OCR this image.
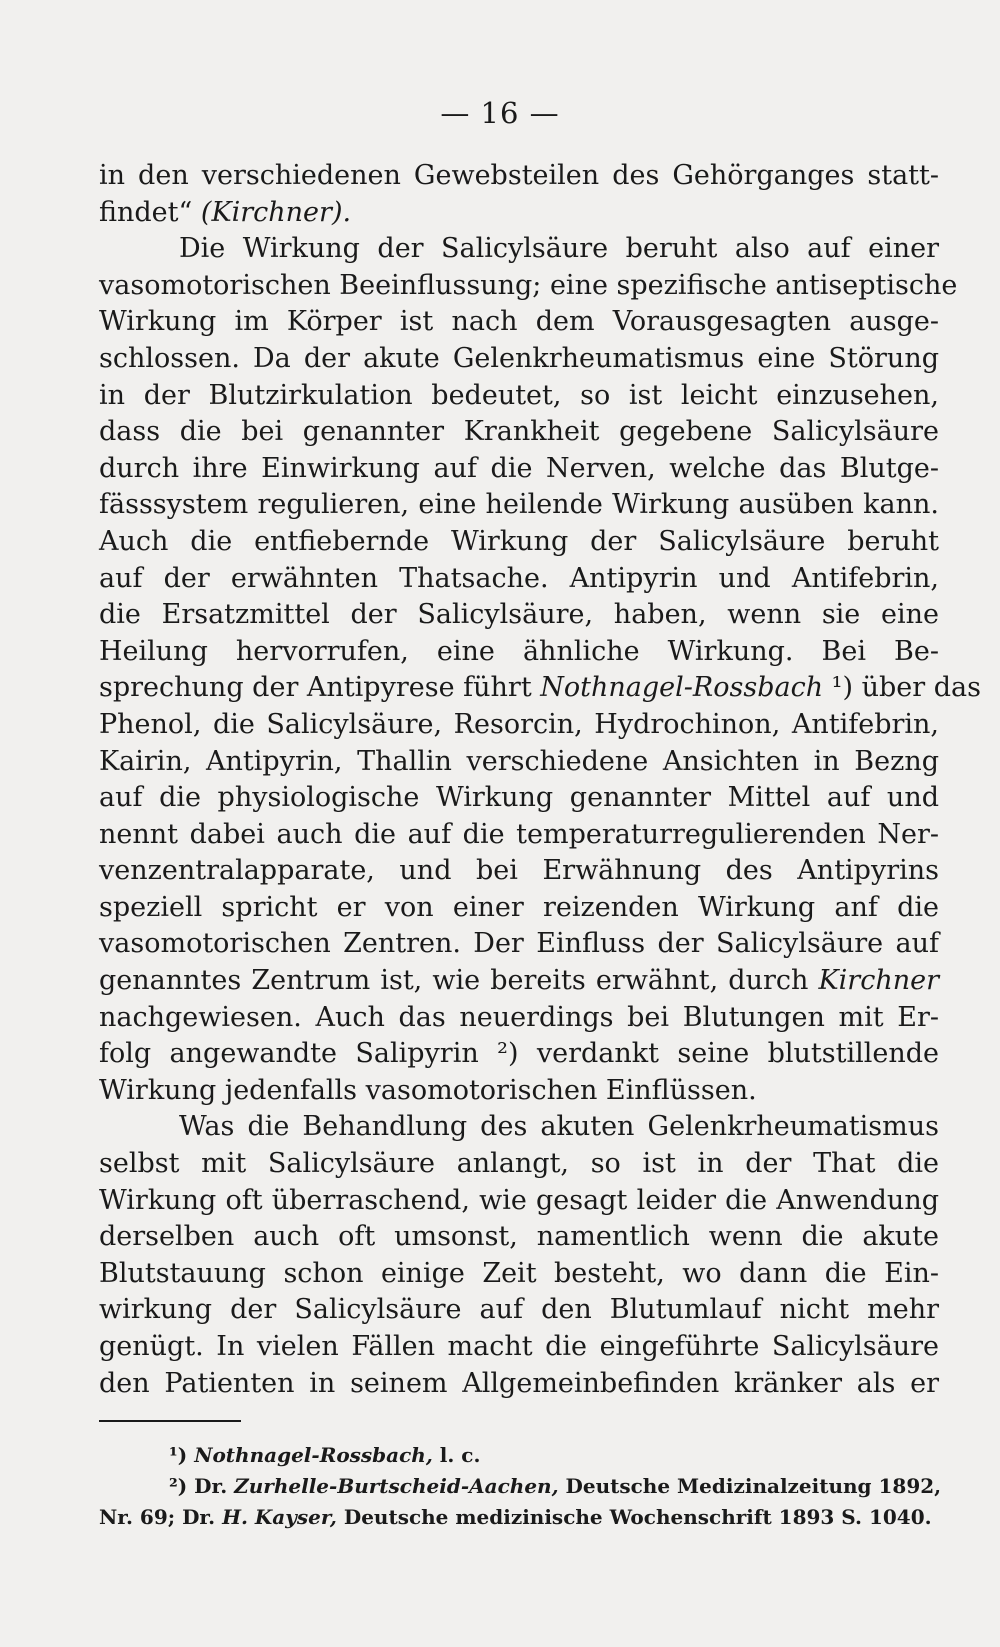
— 16 —
in den verschiedenen Gewebsteilen des Gehörganges statt-
findet“ (Kirchner).
Die Wirkung der Salicylsäure beruht also auf einer
vasomotorischen Beeinflussung; eine spezifische antiseptische
Wirkung im Körper ist nach dem Vorausgesagten ausge-
schlossen. Da der akute Gelenkrheumatismus eine Störung
in der Blutzirkulation bedeutet, so ist leicht einzusehen,
dass die bei genannter Krankheit gegebene Salicylsäure
durch ihre Einwirkung auf die Nerven, welche das Blutge-
fässsystem regulieren, eine heilende Wirkung ausüben kann.
Auch die entfiebernde Wirkung der Salicylsäure beruht
auf der erwähnten Thatsache. Antipyrin und Antifebrin,
die Ersatzmittel der Salicylsäure, haben, wenn sie eine
Heilung hervorrufen, eine ähnliche Wirkung. Bei Be-
sprechung der Antipyrese führt Nothnagel-Rossbach ¹) über das
Phenol, die Salicylsäure, Resorcin, Hydrochinon, Antifebrin,
Kairin, Antipyrin, Thallin verschiedene Ansichten in Bezng
auf die physiologische Wirkung genannter Mittel auf und
nennt dabei auch die auf die temperaturregulierenden Ner-
venzentralapparate, und bei Erwähnung des Antipyrins
speziell spricht er von einer reizenden Wirkung anf die
vasomotorischen Zentren. Der Einfluss der Salicylsäure auf
genanntes Zentrum ist, wie bereits erwähnt, durch Kirchner
nachgewiesen. Auch das neuerdings bei Blutungen mit Er-
folg angewandte Salipyrin ²) verdankt seine blutstillende
Wirkung jedenfalls vasomotorischen Einflüssen.
Was die Behandlung des akuten Gelenkrheumatismus
selbst mit Salicylsäure anlangt, so ist in der That die
Wirkung oft überraschend, wie gesagt leider die Anwendung
derselben auch oft umsonst, namentlich wenn die akute
Blutstauung schon einige Zeit besteht, wo dann die Ein-
wirkung der Salicylsäure auf den Blutumlauf nicht mehr
genügt. In vielen Fällen macht die eingeführte Salicylsäure
den Patienten in seinem Allgemeinbefinden kränker als er
¹) Nothnagel-Rossbach, l. c.
²) Dr. Zurhelle-Burtscheid-Aachen, Deutsche Medizinalzeitung 1892,
Nr. 69; Dr. H. Kayser, Deutsche medizinische Wochenschrift 1893 S. 1040.
